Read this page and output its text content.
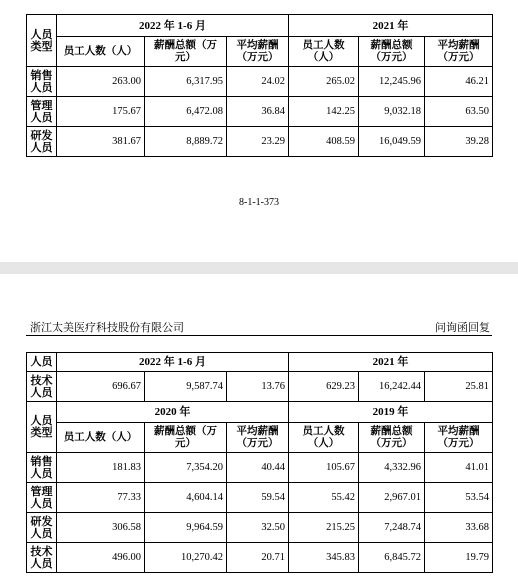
人员类型	2022 年 1-6 月			2021 年		
	员工人数（人）	薪酬总额（万元）	平均薪酬（万元）	员工人数（人）	薪酬总额（万元）	平均薪酬（万元）
销售人员	263.00	6,317.95	24.02	265.02	12,245.96	46.21
管理人员	175.67	6,472.08	36.84	142.25	9,032.18	63.50
研发人员	381.67	8,889.72	23.29	408.59	16,049.59	39.28
8-1-1-373
浙江太美医疗科技股份有限公司	问询函回复
人员	2022 年 1-6 月			2021 年		
技术人员	696.67	9,587.74	13.76	629.23	16,242.44	25.81
人员类型	2020 年			2019 年		
	员工人数（人）	薪酬总额（万元）	平均薪酬（万元）	员工人数（人）	薪酬总额（万元）	平均薪酬（万元）
销售人员	181.83	7,354.20	40.44	105.67	4,332.96	41.01
管理人员	77.33	4,604.14	59.54	55.42	2,967.01	53.54
研发人员	306.58	9,964.59	32.50	215.25	7,248.74	33.68
技术人员	496.00	10,270.42	20.71	345.83	6,845.72	19.79
